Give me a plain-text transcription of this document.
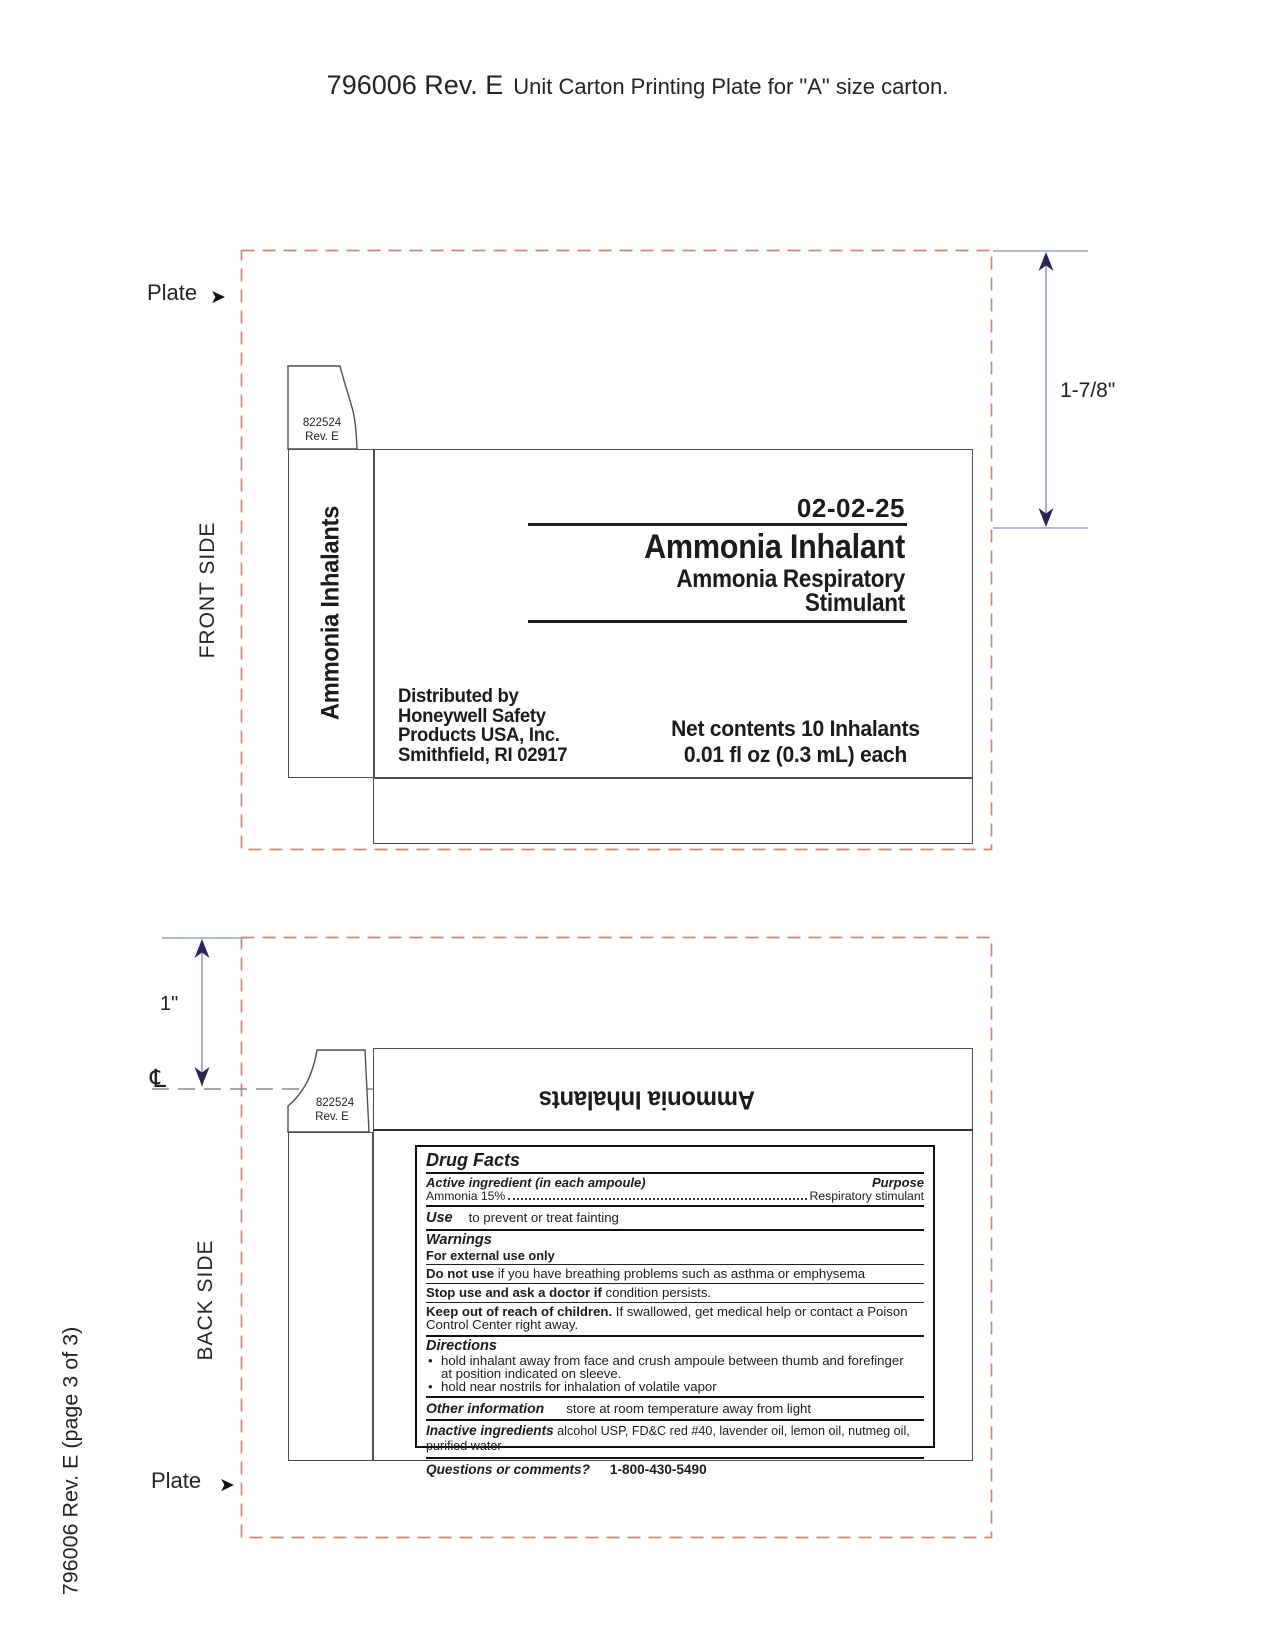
796006 Rev. E Unit Carton Printing Plate for "A" size carton.
Plate ➤
FRONT SIDE
822524
Rev. E
Ammonia Inhalants	02-02-25
Ammonia Inhalant
Ammonia Respiratory
Stimulant
Distributed by
Honeywell Safety
Products USA, Inc.
Smithfield, RI 02917
Net contents 10 Inhalants
0.01 fl oz (0.3 mL) each
1-7/8"
1"
℄
822524
Rev. E
Ammonia Inhalants
Drug Facts
Active ingredient (in each ampoule)	Purpose
Ammonia 15%	Respiratory stimulant
Use to prevent or treat fainting
Warnings
For external use only
Do not use if you have breathing problems such as asthma or emphysema
Stop use and ask a doctor if condition persists.
Keep out of reach of children. If swallowed, get medical help or contact a Poison Control Center right away.
Directions
• hold inhalant away from face and crush ampoule between thumb and forefinger
at position indicated on sleeve.
• hold near nostrils for inhalation of volatile vapor
Other information store at room temperature away from light
Inactive ingredients alcohol USP, FD&C red #40, lavender oil, lemon oil, nutmeg oil, purified water
Questions or comments? 1-800-430-5490
Plate ➤
BACK SIDE
796006 Rev. E (page 3 of 3)
